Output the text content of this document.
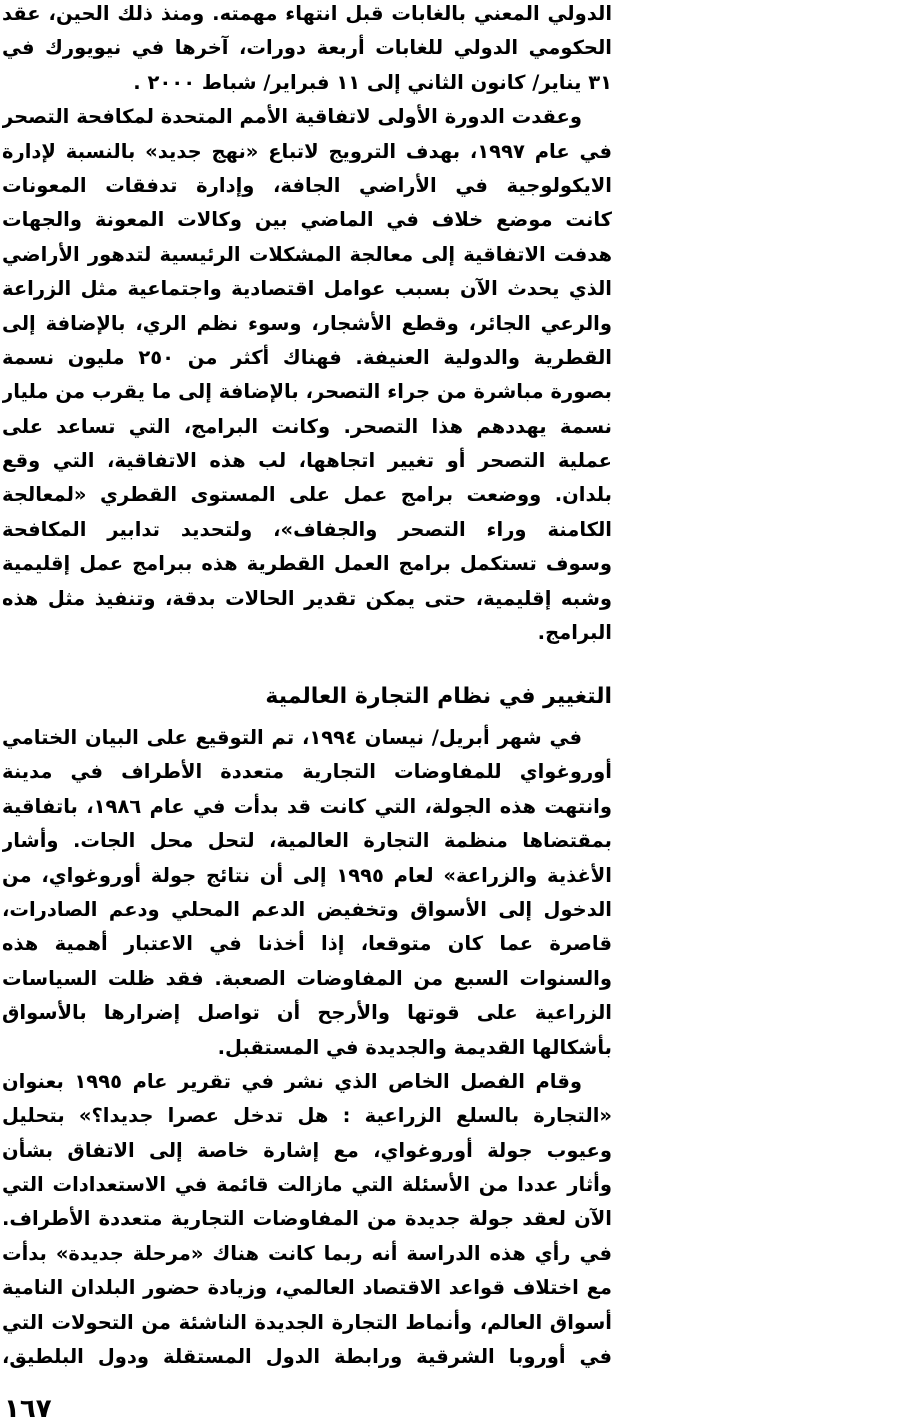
الدولي المعني بالغابات قبل انتهاء مهمته. ومنذ ذلك الحين، عقد
الحكومي الدولي للغابات أربعة دورات، آخرها في نيويورك في
٣١ يناير/ كانون الثاني إلى ١١ فبراير/ شباط ٢٠٠٠ .
وعقدت الدورة الأولى لاتفاقية الأمم المتحدة لمكافحة التصحر
في عام ١٩٩٧، بهدف الترويج لاتباع «نهج جديد» بالنسبة لإدارة
الايكولوجية في الأراضي الجافة، وإدارة تدفقات المعونات
كانت موضع خلاف في الماضي بين وكالات المعونة والجهات
هدفت الاتفاقية إلى معالجة المشكلات الرئيسية لتدهور الأراضي
الذي يحدث الآن بسبب عوامل اقتصادية واجتماعية مثل الزراعة
والرعي الجائر، وقطع الأشجار، وسوء نظم الري، بالإضافة إلى
القطرية والدولية العنيفة. فهناك أكثر من ٢٥٠ مليون نسمة
بصورة مباشرة من جراء التصحر، بالإضافة إلى ما يقرب من مليار
نسمة يهددهم هذا التصحر. وكانت البرامج، التي تساعد على
عملية التصحر أو تغيير اتجاهها، لب هذه الاتفاقية، التي وقع
بلدان. ووضعت برامج عمل على المستوى القطري «لمعالجة
الكامنة وراء التصحر والجفاف»، ولتحديد تدابير المكافحة
وسوف تستكمل برامج العمل القطرية هذه ببرامج عمل إقليمية
وشبه إقليمية، حتى يمكن تقدير الحالات بدقة، وتنفيذ مثل هذه
البرامج.
التغيير في نظام التجارة العالمية
في شهر أبريل/ نيسان ١٩٩٤، تم التوقيع على البيان الختامي
أوروغواي للمفاوضات التجارية متعددة الأطراف في مدينة
وانتهت هذه الجولة، التي كانت قد بدأت في عام ١٩٨٦، باتفاقية
بمقتضاها منظمة التجارة العالمية، لتحل محل الجات. وأشار
الأغذية والزراعة» لعام ١٩٩٥ إلى أن نتائج جولة أوروغواي، من
الدخول إلى الأسواق وتخفيض الدعم المحلي ودعم الصادرات،
قاصرة عما كان متوقعا، إذا أخذنا في الاعتبار أهمية هذه
والسنوات السبع من المفاوضات الصعبة. فقد ظلت السياسات
الزراعية على قوتها والأرجح أن تواصل إضرارها بالأسواق
بأشكالها القديمة والجديدة في المستقبل.
وقام الفصل الخاص الذي نشر في تقرير عام ١٩٩٥ بعنوان
«التجارة بالسلع الزراعية : هل تدخل عصرا جديدا؟» بتحليل
وعيوب جولة أوروغواي، مع إشارة خاصة إلى الاتفاق بشأن
وأثار عددا من الأسئلة التي مازالت قائمة في الاستعدادات التي
الآن لعقد جولة جديدة من المفاوضات التجارية متعددة الأطراف.
في رأي هذه الدراسة أنه ربما كانت هناك «مرحلة جديدة» بدأت
مع اختلاف قواعد الاقتصاد العالمي، وزيادة حضور البلدان النامية
أسواق العالم، وأنماط التجارة الجديدة الناشئة من التحولات التي
في أوروبا الشرقية ورابطة الدول المستقلة ودول البلطيق،
١٦٧
